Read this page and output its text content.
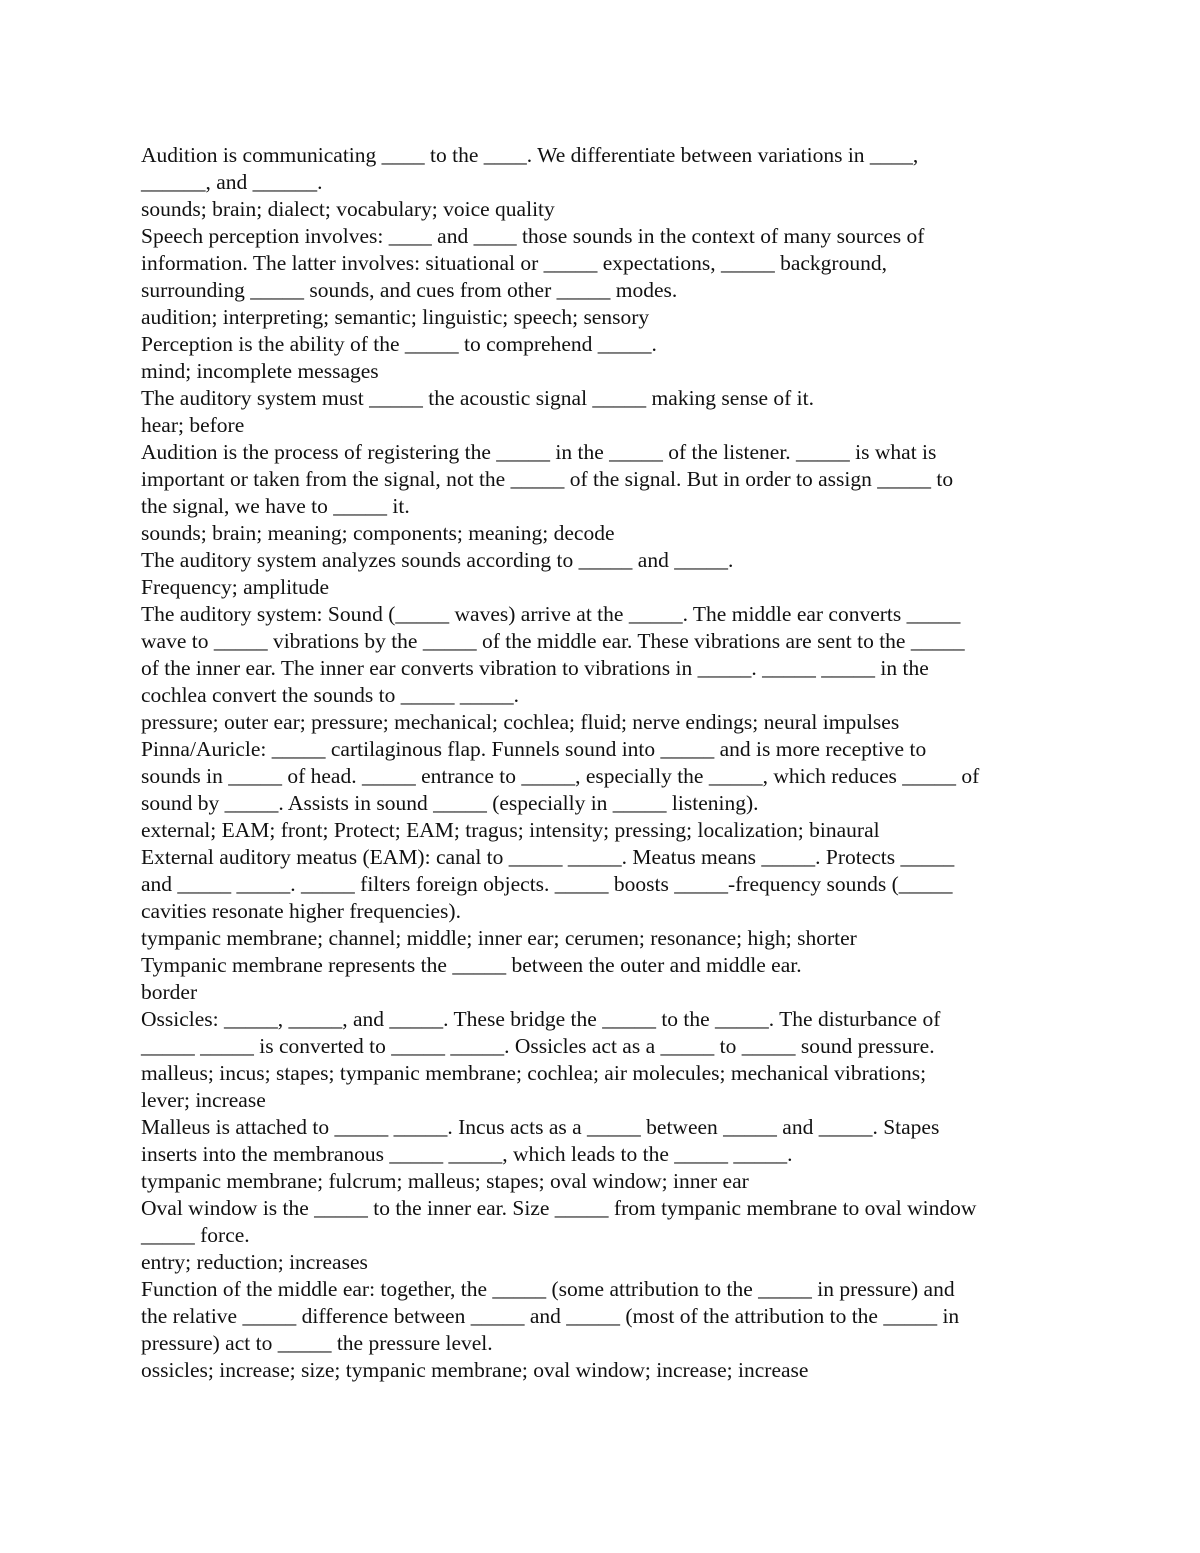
Audition is communicating ____ to the ____. We differentiate between variations in ____,
______, and ______.
sounds; brain; dialect; vocabulary; voice quality
Speech perception involves: ____ and ____ those sounds in the context of many sources of
information. The latter involves: situational or _____ expectations, _____ background,
surrounding _____ sounds, and cues from other _____ modes.
audition; interpreting; semantic; linguistic; speech; sensory
Perception is the ability of the _____ to comprehend _____.
mind; incomplete messages
The auditory system must _____ the acoustic signal _____ making sense of it.
hear; before
Audition is the process of registering the _____ in the _____ of the listener. _____ is what is
important or taken from the signal, not the _____ of the signal. But in order to assign _____ to
the signal, we have to _____ it.
sounds; brain; meaning; components; meaning; decode
The auditory system analyzes sounds according to _____ and _____.
Frequency; amplitude
The auditory system: Sound (_____ waves) arrive at the _____. The middle ear converts _____
wave to _____ vibrations by the _____ of the middle ear. These vibrations are sent to the _____
of the inner ear. The inner ear converts vibration to vibrations in _____. _____ _____ in the
cochlea convert the sounds to _____ _____.
pressure; outer ear; pressure; mechanical; cochlea; fluid; nerve endings; neural impulses
Pinna/Auricle: _____ cartilaginous flap. Funnels sound into _____ and is more receptive to
sounds in _____ of head. _____ entrance to _____, especially the _____, which reduces _____ of
sound by _____. Assists in sound _____ (especially in _____ listening).
external; EAM; front; Protect; EAM; tragus; intensity; pressing; localization; binaural
External auditory meatus (EAM): canal to _____ _____. Meatus means _____. Protects _____
and _____ _____. _____ filters foreign objects. _____ boosts _____-frequency sounds (_____
cavities resonate higher frequencies).
tympanic membrane; channel; middle; inner ear; cerumen; resonance; high; shorter
Tympanic membrane represents the _____ between the outer and middle ear.
border
Ossicles: _____, _____, and _____. These bridge the _____ to the _____. The disturbance of
_____ _____ is converted to _____ _____. Ossicles act as a _____ to _____ sound pressure.
malleus; incus; stapes; tympanic membrane; cochlea; air molecules; mechanical vibrations;
lever; increase
Malleus is attached to _____ _____. Incus acts as a _____ between _____ and _____. Stapes
inserts into the membranous _____ _____, which leads to the _____ _____.
tympanic membrane; fulcrum; malleus; stapes; oval window; inner ear
Oval window is the _____ to the inner ear. Size _____ from tympanic membrane to oval window
_____ force.
entry; reduction; increases
Function of the middle ear: together, the _____ (some attribution to the _____ in pressure) and
the relative _____ difference between _____ and _____ (most of the attribution to the _____ in
pressure) act to _____ the pressure level.
ossicles; increase; size; tympanic membrane; oval window; increase; increase
